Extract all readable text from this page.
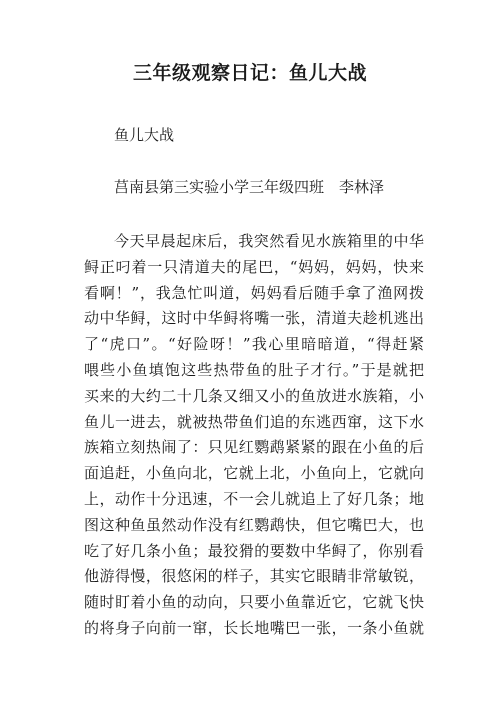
三年级观察日记：鱼儿大战
鱼儿大战
莒南县第三实验小学三年级四班　李林泽
今天早晨起床后，我突然看见水族箱里的中华
鲟正叼着一只清道夫的尾巴，“妈妈，妈妈，快来
看啊！”，我急忙叫道，妈妈看后随手拿了渔网拨
动中华鲟，这时中华鲟将嘴一张，清道夫趁机逃出
了“虎口”。“好险呀！”我心里暗暗道，“得赶紧
喂些小鱼填饱这些热带鱼的肚子才行。”于是就把
买来的大约二十几条又细又小的鱼放进水族箱，小
鱼儿一进去，就被热带鱼们追的东逃西窜，这下水
族箱立刻热闹了：只见红鹦鹉紧紧的跟在小鱼的后
面追赶，小鱼向北，它就上北，小鱼向上，它就向
上，动作十分迅速，不一会儿就追上了好几条；地
图这种鱼虽然动作没有红鹦鹉快，但它嘴巴大，也
吃了好几条小鱼；最狡猾的要数中华鲟了，你别看
他游得慢，很悠闲的样子，其实它眼睛非常敏锐，
随时盯着小鱼的动向，只要小鱼靠近它，它就飞快
的将身子向前一窜，长长地嘴巴一张，一条小鱼就
